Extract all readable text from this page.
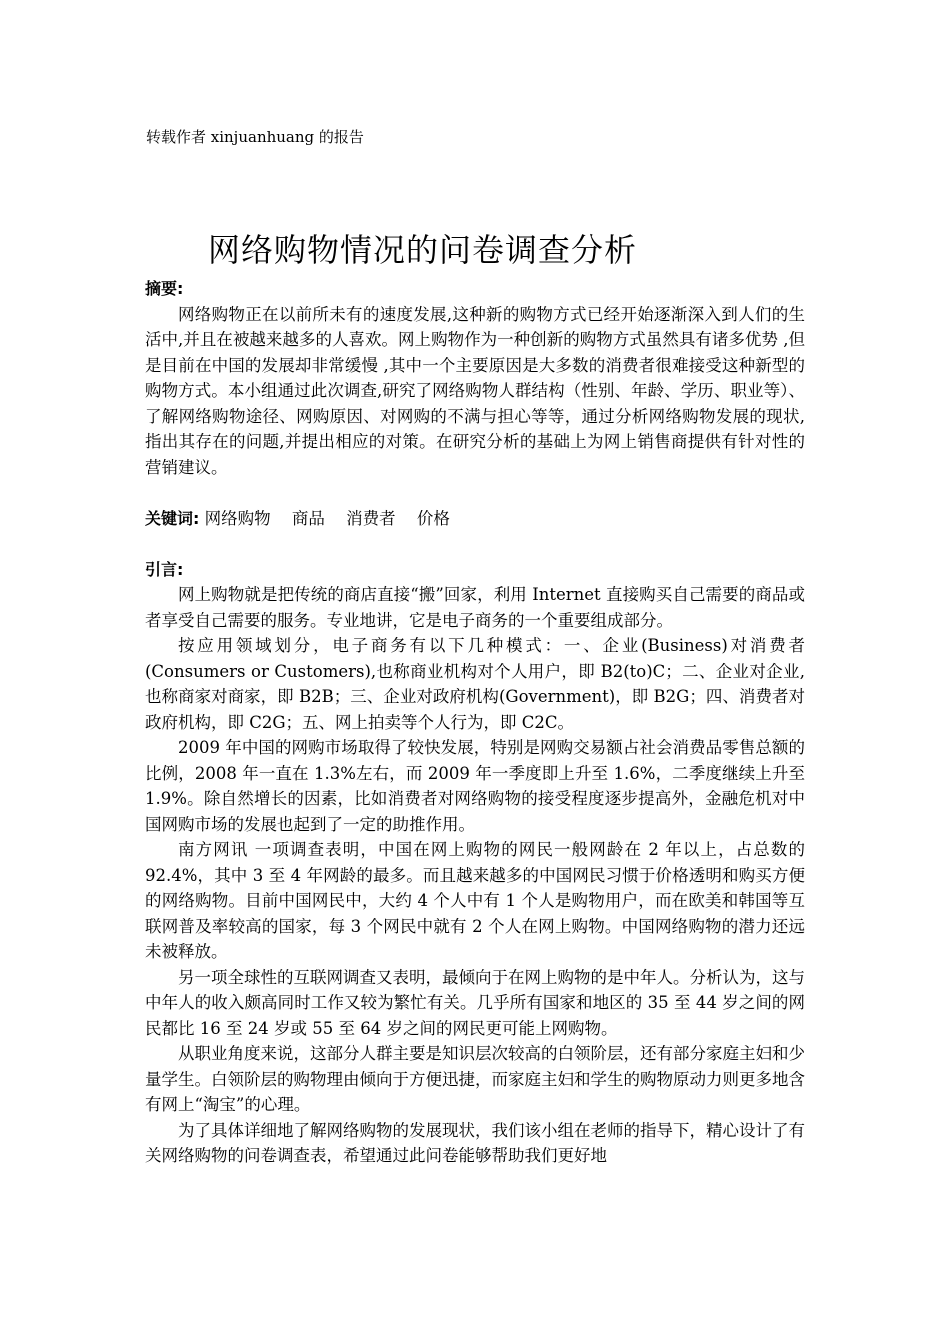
转载作者 xinjuanhuang 的报告
网络购物情况的问卷调查分析

摘要:

网络购物正在以前所未有的速度发展,这种新的购物方式已经开始逐渐深入到人们的生活中,并且在被越来越多的人喜欢。网上购物作为一种创新的购物方式虽然具有诸多优势 ,但是目前在中国的发展却非常缓慢 ,其中一个主要原因是大多数的消费者很难接受这种新型的购物方式。本小组通过此次调查,研究了网络购物人群结构（性别、年龄、学历、职业等）、了解网络购物途径、网购原因、对网购的不满与担心等等，通过分析网络购物发展的现状,指出其存在的问题,并提出相应的对策。在研究分析的基础上为网上销售商提供有针对性的营销建议。

关键词: 网络购物 商品 消费者 价格

引言:

网上购物就是把传统的商店直接“搬”回家，利用 Internet 直接购买自己需要的商品或者享受自己需要的服务。专业地讲，它是电子商务的一个重要组成部分。

按应用领域划分，电子商务有以下几种模式：一、企业(Business)对消费者(Consumers or Customers),也称商业机构对个人用户，即 B2(to)C；二、企业对企业,也称商家对商家，即 B2B；三、企业对政府机构(Government)，即 B2G；四、消费者对政府机构，即 C2G；五、网上拍卖等个人行为，即 C2C。

2009 年中国的网购市场取得了较快发展，特别是网购交易额占社会消费品零售总额的比例，2008 年一直在 1.3%左右，而 2009 年一季度即上升至 1.6%，二季度继续上升至 1.9%。除自然增长的因素，比如消费者对网络购物的接受程度逐步提高外，金融危机对中国网购市场的发展也起到了一定的助推作用。

南方网讯 一项调查表明，中国在网上购物的网民一般网龄在 2 年以上，占总数的 92.4%，其中 3 至 4 年网龄的最多。而且越来越多的中国网民习惯于价格透明和购买方便的网络购物。目前中国网民中，大约 4 个人中有 1 个人是购物用户，而在欧美和韩国等互联网普及率较高的国家，每 3 个网民中就有 2 个人在网上购物。中国网络购物的潜力还远未被释放。

另一项全球性的互联网调查又表明，最倾向于在网上购物的是中年人。分析认为，这与中年人的收入颇高同时工作又较为繁忙有关。几乎所有国家和地区的 35 至 44 岁之间的网民都比 16 至 24 岁或 55 至 64 岁之间的网民更可能上网购物。

从职业角度来说，这部分人群主要是知识层次较高的白领阶层，还有部分家庭主妇和少量学生。白领阶层的购物理由倾向于方便迅捷，而家庭主妇和学生的购物原动力则更多地含有网上“淘宝”的心理。

为了具体详细地了解网络购物的发展现状，我们该小组在老师的指导下，精心设计了有关网络购物的问卷调查表，希望通过此问卷能够帮助我们更好地
